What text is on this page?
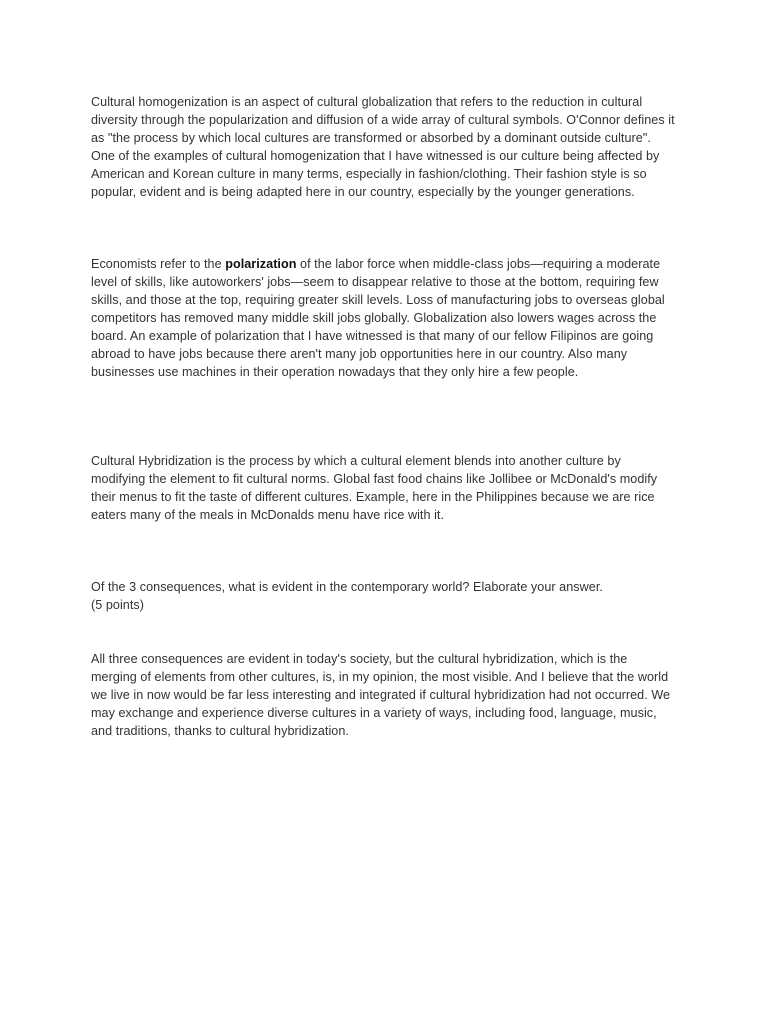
Cultural homogenization is an aspect of cultural globalization that refers to the reduction in cultural diversity through the popularization and diffusion of a wide array of cultural symbols. O'Connor defines it as "the process by which local cultures are transformed or absorbed by a dominant outside culture". One of the examples of cultural homogenization that I have witnessed is our culture being affected by American and Korean culture in many terms, especially in fashion/clothing. Their fashion style is so popular, evident and is being adapted here in our country, especially by the younger generations.

Economists refer to the polarization of the labor force when middle-class jobs—requiring a moderate level of skills, like autoworkers' jobs—seem to disappear relative to those at the bottom, requiring few skills, and those at the top, requiring greater skill levels. Loss of manufacturing jobs to overseas global competitors has removed many middle skill jobs globally. Globalization also lowers wages across the board. An example of polarization that I have witnessed is that many of our fellow Filipinos are going abroad to have jobs because there aren't many job opportunities here in our country. Also many businesses use machines in their operation nowadays that they only hire a few people.

Cultural Hybridization is the process by which a cultural element blends into another culture by modifying the element to fit cultural norms. Global fast food chains like Jollibee or McDonald's modify their menus to fit the taste of different cultures. Example, here in the Philippines because we are rice eaters many of the meals in McDonalds menu have rice with it.

Of the 3 consequences, what is evident in the contemporary world? Elaborate your answer.
(5 points)

All three consequences are evident in today's society, but the cultural hybridization, which is the merging of elements from other cultures, is, in my opinion, the most visible. And I believe that the world we live in now would be far less interesting and integrated if cultural hybridization had not occurred. We may exchange and experience diverse cultures in a variety of ways, including food, language, music, and traditions, thanks to cultural hybridization.
